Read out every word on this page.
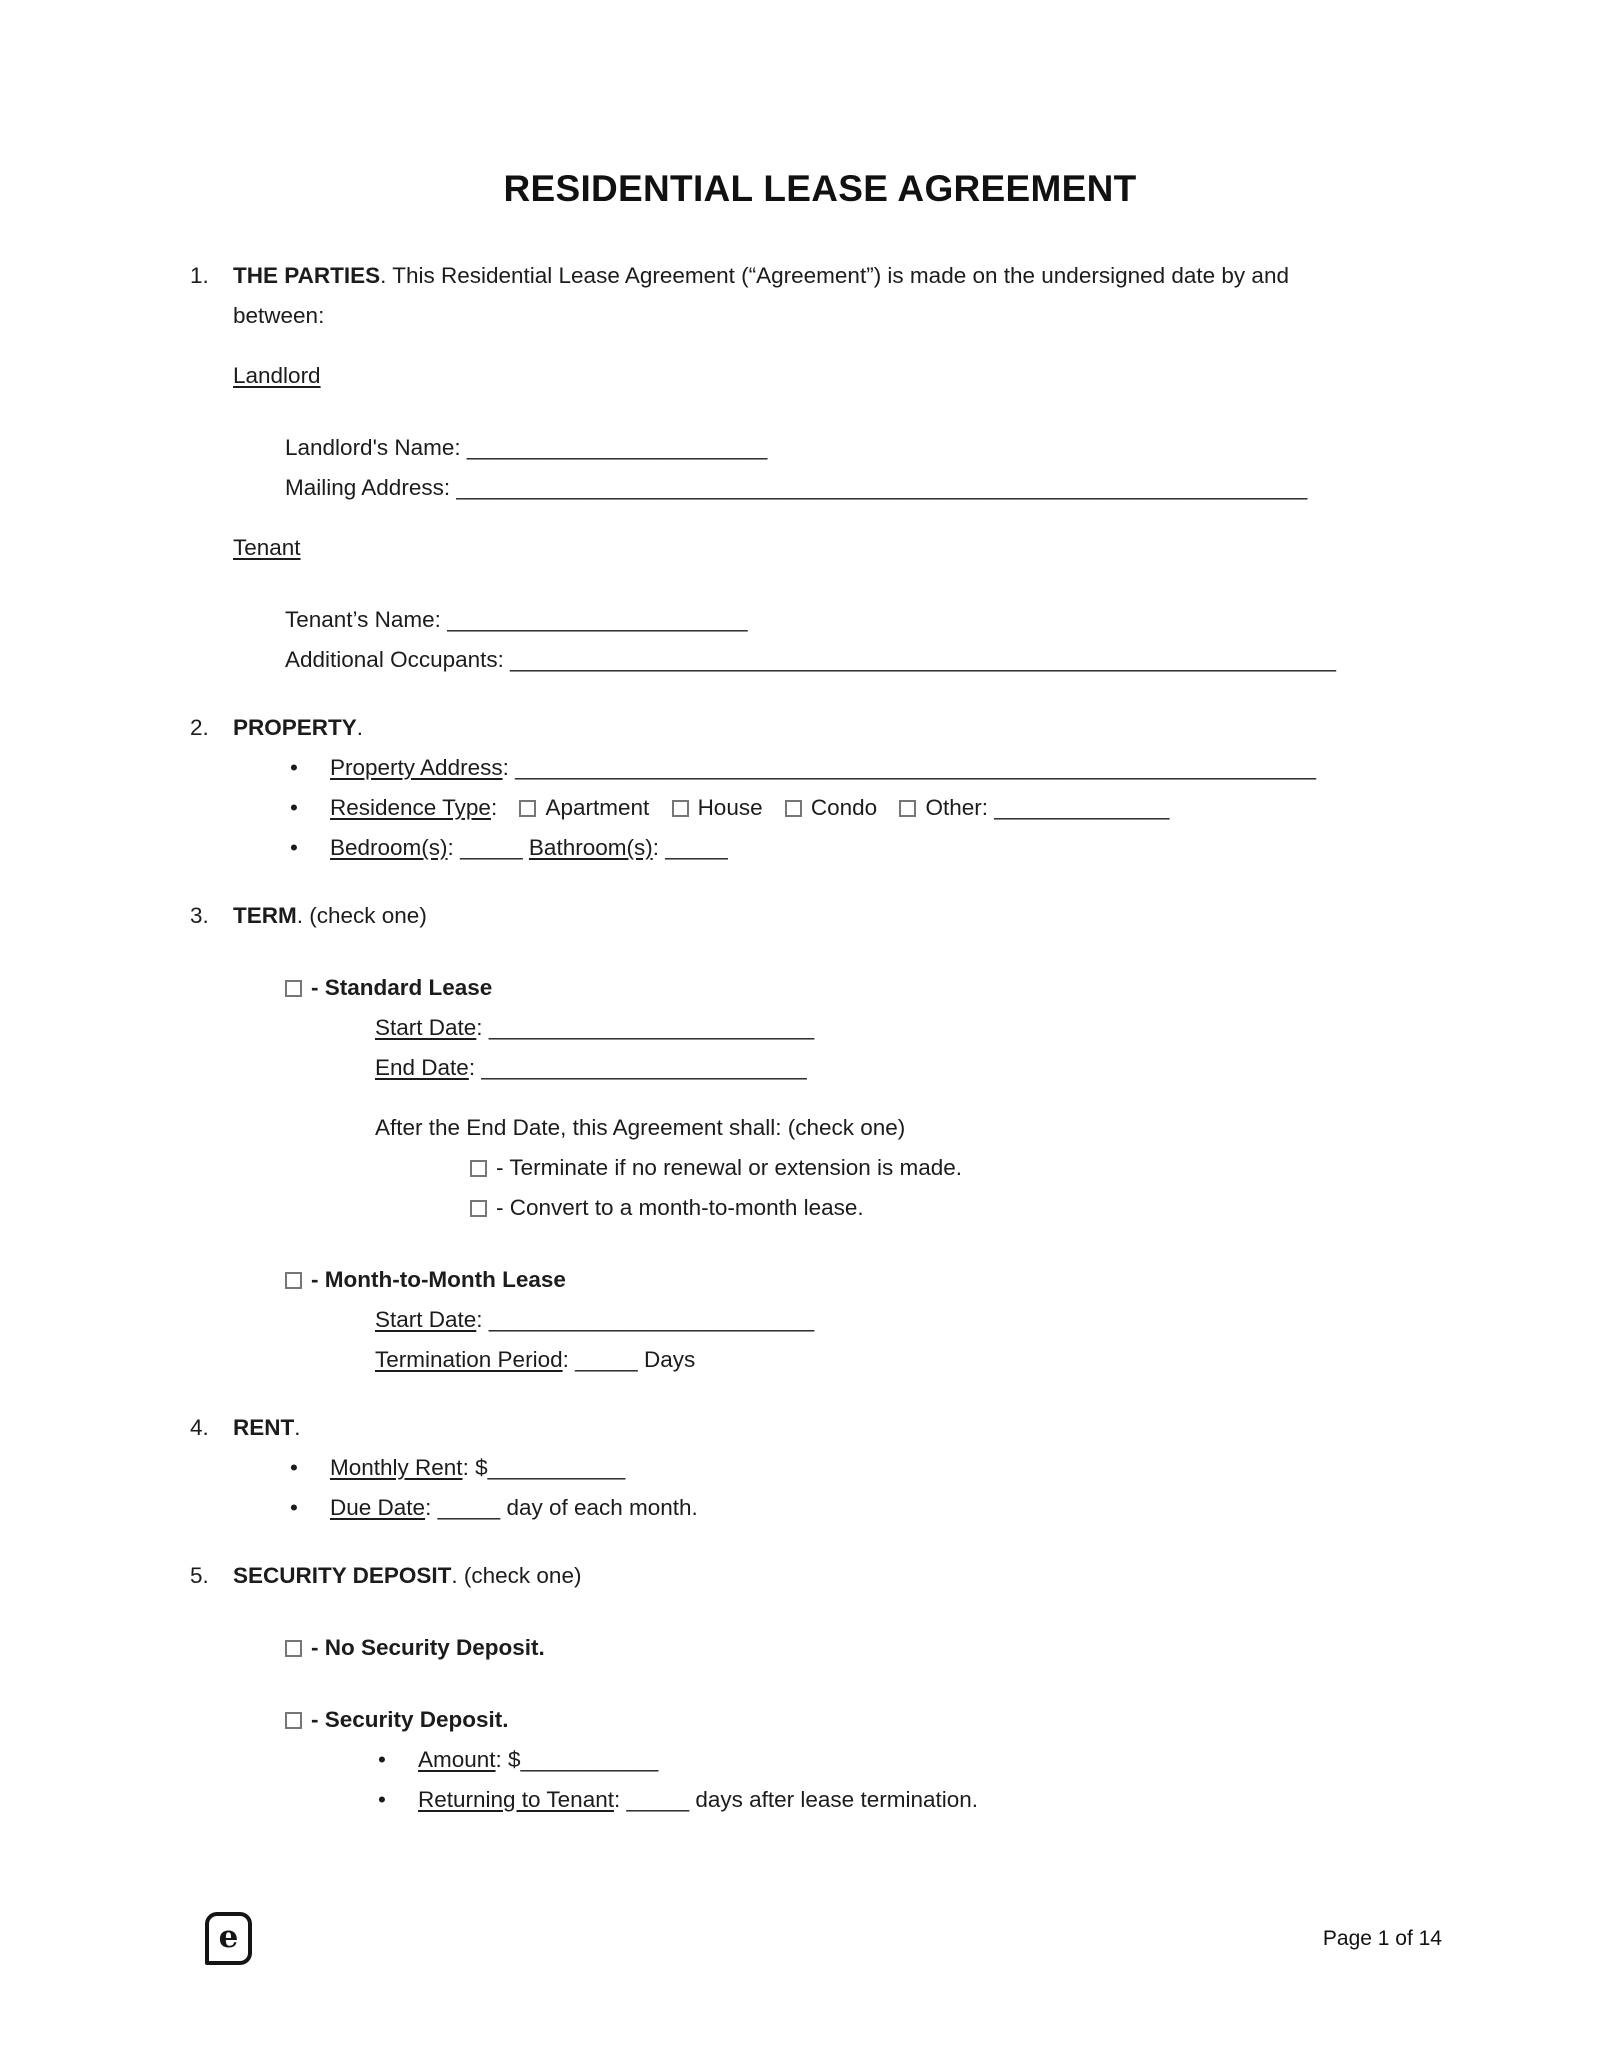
RESIDENTIAL LEASE AGREEMENT
1.	THE PARTIES. This Residential Lease Agreement (“Agreement”) is made on the undersigned date by and between:
Landlord
Landlord's Name: ________________________
Mailing Address: ____________________________________________________________________
Tenant
Tenant’s Name: ________________________
Additional Occupants: __________________________________________________________________
2.	PROPERTY.
• Property Address: ________________________________________________________________
• Residence Type: Apartment House Condo Other: ______________
• Bedroom(s): _____ Bathroom(s): _____
3.	TERM. (check one)
- Standard Lease
Start Date: __________________________
End Date: __________________________
After the End Date, this Agreement shall: (check one)
- Terminate if no renewal or extension is made.
- Convert to a month-to-month lease.
- Month-to-Month Lease
Start Date: __________________________
Termination Period: _____ Days
4.	RENT.
• Monthly Rent: $___________
• Due Date: _____ day of each month.
5.	SECURITY DEPOSIT. (check one)
- No Security Deposit.
- Security Deposit.
• Amount: $___________
• Returning to Tenant: _____ days after lease termination.
e	Page 1 of 14
